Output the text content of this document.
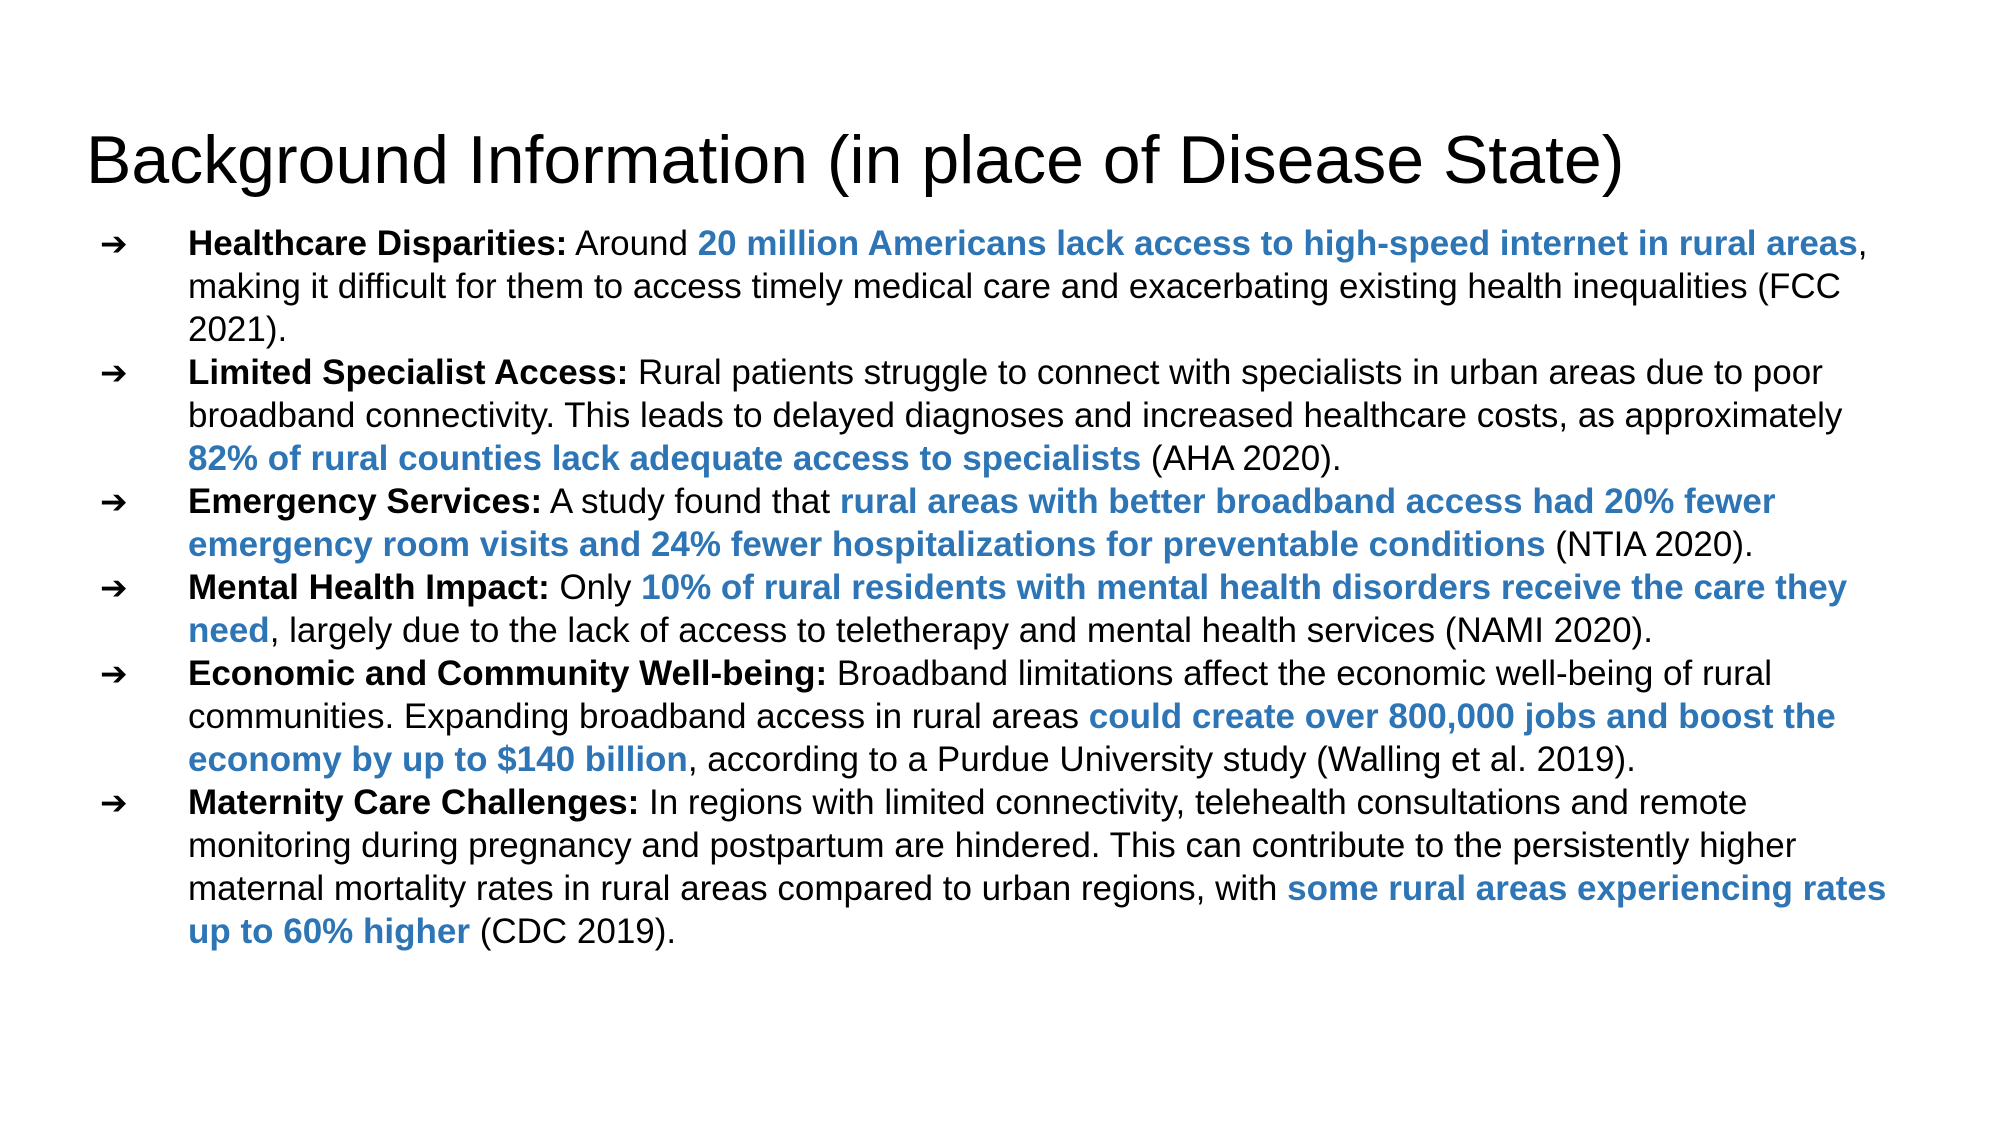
Background Information (in place of Disease State)
➔	Healthcare Disparities: Around 20 million Americans lack access to high-speed internet in rural areas, making it difficult for them to access timely medical care and exacerbating existing health inequalities (FCC 2021).
➔	Limited Specialist Access: Rural patients struggle to connect with specialists in urban areas due to poor broadband connectivity. This leads to delayed diagnoses and increased healthcare costs, as approximately 82% of rural counties lack adequate access to specialists (AHA 2020).
➔	Emergency Services: A study found that rural areas with better broadband access had 20% fewer emergency room visits and 24% fewer hospitalizations for preventable conditions (NTIA 2020).
➔	Mental Health Impact: Only 10% of rural residents with mental health disorders receive the care they need, largely due to the lack of access to teletherapy and mental health services (NAMI 2020).
➔	Economic and Community Well-being: Broadband limitations affect the economic well-being of rural communities. Expanding broadband access in rural areas could create over 800,000 jobs and boost the economy by up to $140 billion, according to a Purdue University study (Walling et al. 2019).
➔	Maternity Care Challenges: In regions with limited connectivity, telehealth consultations and remote monitoring during pregnancy and postpartum are hindered. This can contribute to the persistently higher maternal mortality rates in rural areas compared to urban regions, with some rural areas experiencing rates up to 60% higher (CDC 2019).
